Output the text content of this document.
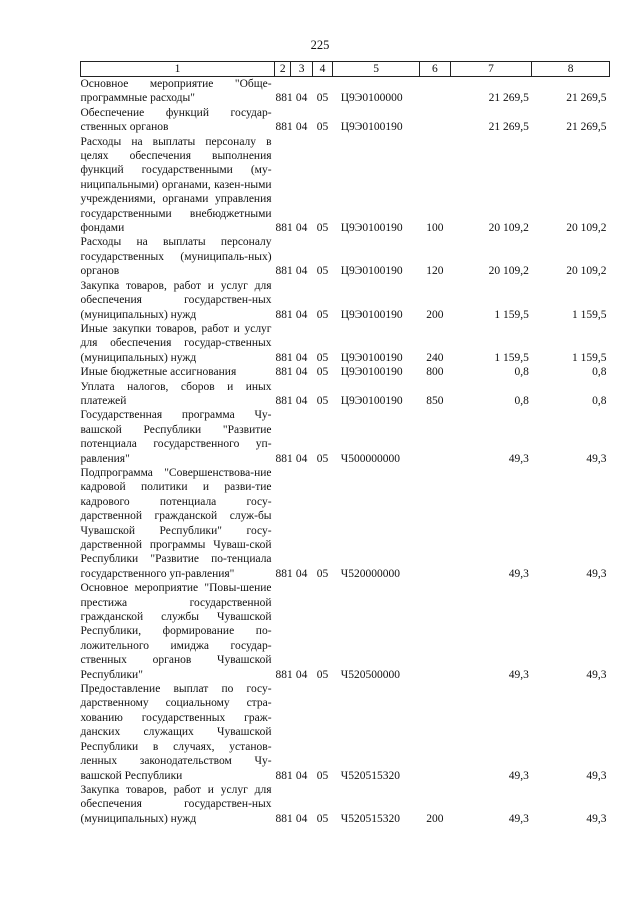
225
1	2	3	4	5	6	7	8
Основное мероприятие "Обще-программные расходы"	881	04	05	Ц9Э0100000		21 269,5	21 269,5
Обеспечение функций государ-ственных органов	881	04	05	Ц9Э0100190		21 269,5	21 269,5
Расходы на выплаты персоналу в целях обеспечения выполнения функций государственными (му-ниципальными) органами, казен-ными учреждениями, органами управления государственными внебюджетными фондами	881	04	05	Ц9Э0100190	100	20 109,2	20 109,2
Расходы на выплаты персоналу государственных (муниципаль-ных) органов	881	04	05	Ц9Э0100190	120	20 109,2	20 109,2
Закупка товаров, работ и услуг для обеспечения государствен-ных (муниципальных) нужд	881	04	05	Ц9Э0100190	200	1 159,5	1 159,5
Иные закупки товаров, работ и услуг для обеспечения государ-ственных (муниципальных) нужд	881	04	05	Ц9Э0100190	240	1 159,5	1 159,5
Иные бюджетные ассигнования	881	04	05	Ц9Э0100190	800	0,8	0,8
Уплата налогов, сборов и иных платежей	881	04	05	Ц9Э0100190	850	0,8	0,8
Государственная программа Чу-вашской Республики "Развитие потенциала государственного уп-равления"	881	04	05	Ч500000000		49,3	49,3
Подпрограмма "Совершенствова-ние кадровой политики и разви-тие кадрового потенциала госу-дарственной гражданской служ-бы Чувашской Республики" госу-дарственной программы Чуваш-ской Республики "Развитие по-тенциала государственного уп-равления"	881	04	05	Ч520000000		49,3	49,3
Основное мероприятие "Повы-шение престижа государственной гражданской службы Чувашской Республики, формирование по-ложительного имиджа государ-ственных органов Чувашской Республики"	881	04	05	Ч520500000		49,3	49,3
Предоставление выплат по госу-дарственному социальному стра-хованию государственных граж-данских служащих Чувашской Республики в случаях, установ-ленных законодательством Чу-вашской Республики	881	04	05	Ч520515320		49,3	49,3
Закупка товаров, работ и услуг для обеспечения государствен-ных (муниципальных) нужд	881	04	05	Ч520515320	200	49,3	49,3
